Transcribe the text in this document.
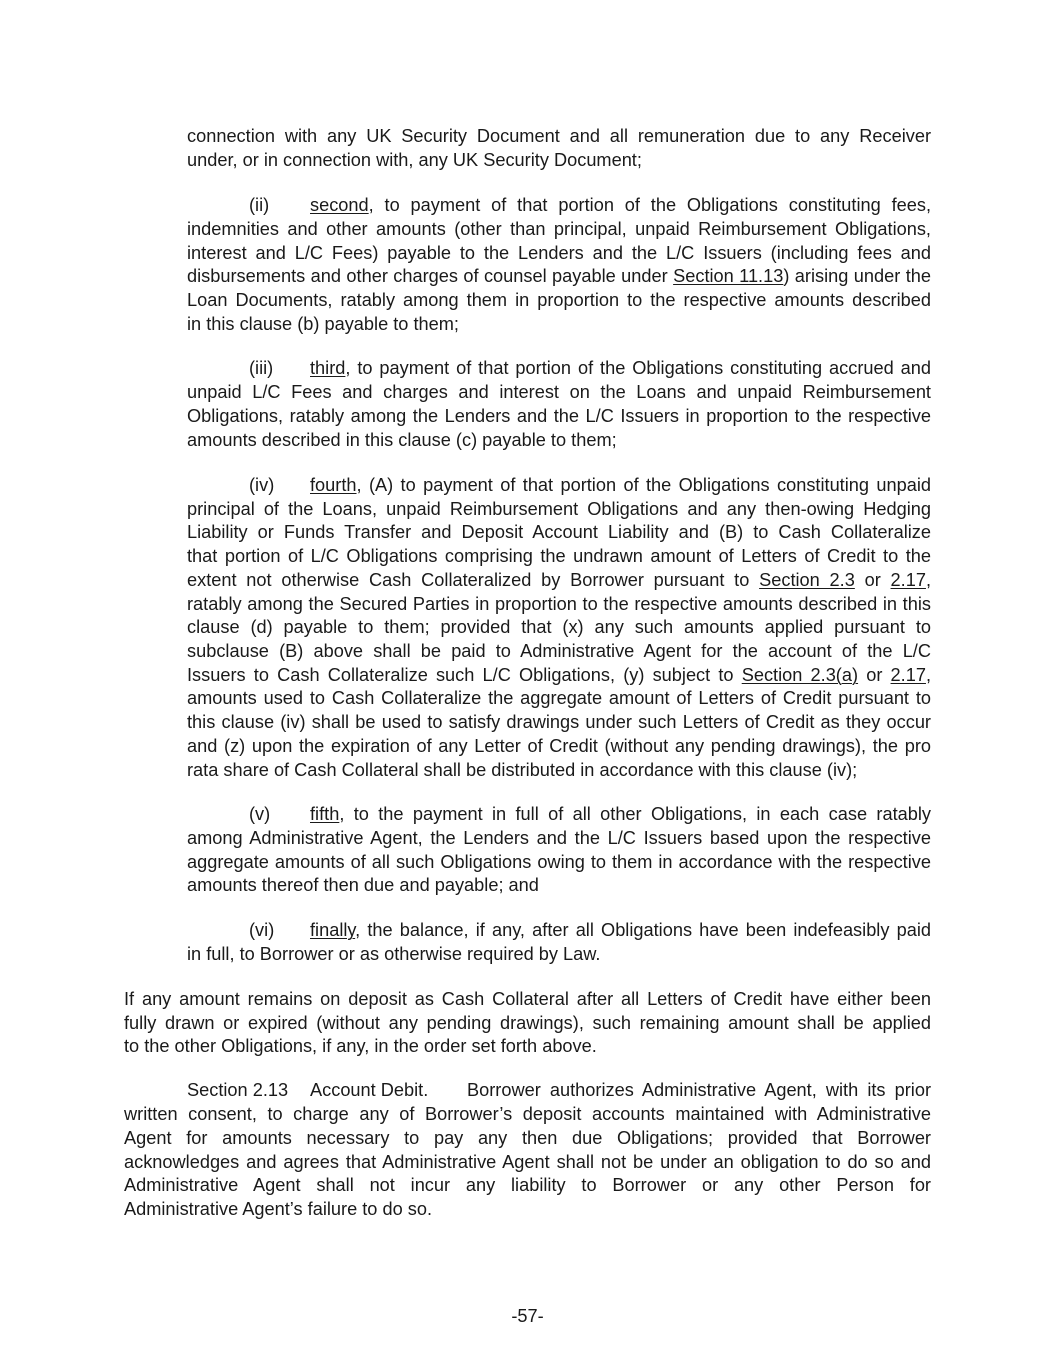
connection with any UK Security Document and all remuneration due to any Receiver
under, or in connection with, any UK Security Document;
(ii) second, to payment of that portion of the Obligations constituting fees,
indemnities and other amounts (other than principal, unpaid Reimbursement Obligations,
interest and L/C Fees) payable to the Lenders and the L/C Issuers (including fees and
disbursements and other charges of counsel payable under Section 11.13) arising under the
Loan Documents, ratably among them in proportion to the respective amounts described
in this clause (b) payable to them;
(iii) third, to payment of that portion of the Obligations constituting accrued and
unpaid L/C Fees and charges and interest on the Loans and unpaid Reimbursement
Obligations, ratably among the Lenders and the L/C Issuers in proportion to the respective
amounts described in this clause (c) payable to them;
(iv) fourth, (A) to payment of that portion of the Obligations constituting unpaid
principal of the Loans, unpaid Reimbursement Obligations and any then-owing Hedging
Liability or Funds Transfer and Deposit Account Liability and (B) to Cash Collateralize
that portion of L/C Obligations comprising the undrawn amount of Letters of Credit to the
extent not otherwise Cash Collateralized by Borrower pursuant to Section 2.3 or 2.17,
ratably among the Secured Parties in proportion to the respective amounts described in this
clause (d) payable to them; provided that (x) any such amounts applied pursuant to
subclause (B) above shall be paid to Administrative Agent for the account of the L/C
Issuers to Cash Collateralize such L/C Obligations, (y) subject to Section 2.3(a) or 2.17,
amounts used to Cash Collateralize the aggregate amount of Letters of Credit pursuant to
this clause (iv) shall be used to satisfy drawings under such Letters of Credit as they occur
and (z) upon the expiration of any Letter of Credit (without any pending drawings), the pro
rata share of Cash Collateral shall be distributed in accordance with this clause (iv);
(v) fifth, to the payment in full of all other Obligations, in each case ratably
among Administrative Agent, the Lenders and the L/C Issuers based upon the respective
aggregate amounts of all such Obligations owing to them in accordance with the respective
amounts thereof then due and payable; and
(vi) finally, the balance, if any, after all Obligations have been indefeasibly paid
in full, to Borrower or as otherwise required by Law.
If any amount remains on deposit as Cash Collateral after all Letters of Credit have either been
fully drawn or expired (without any pending drawings), such remaining amount shall be applied
to the other Obligations, if any, in the order set forth above.
Section 2.13 Account Debit. Borrower authorizes Administrative Agent, with its prior
written consent, to charge any of Borrower’s deposit accounts maintained with Administrative
Agent for amounts necessary to pay any then due Obligations; provided that Borrower
acknowledges and agrees that Administrative Agent shall not be under an obligation to do so and
Administrative Agent shall not incur any liability to Borrower or any other Person for
Administrative Agent’s failure to do so.
-57-
